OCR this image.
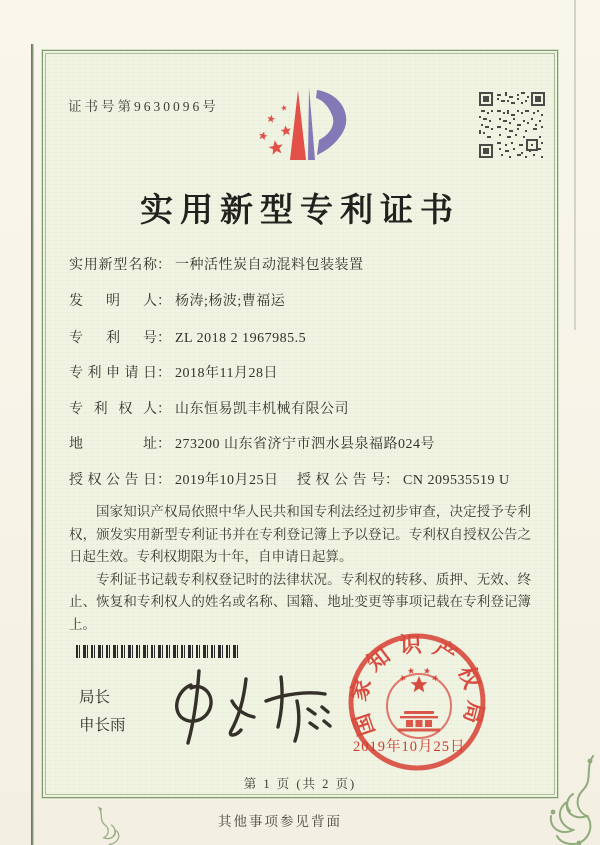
证书号第9630096号
实用新型专利证书
实用新型名称： 一种活性炭自动混料包装装置
发明人： 杨涛;杨波;曹福运
专利号： ZL 2018 2 1967985.5
专利申请日： 2018年11月28日
专利权人： 山东恒易凯丰机械有限公司
地址： 273200 山东省济宁市泗水县泉福路024号
授权公告日： 2019年10月25日 授权公告号： CN 209535519 U

国家知识产权局依照中华人民共和国专利法经过初步审查，决定授予专利权，颁发实用新型专利证书并在专利登记簿上予以登记。专利权自授权公告之日起生效。专利权期限为十年，自申请日起算。

专利证书记载专利权登记时的法律状况。专利权的转移、质押、无效、终止、恢复和专利权人的姓名或名称、国籍、地址变更等事项记载在专利登记簿上。

局长
申长雨	国家知识产权局
2019年10月25日
第 1 页 (共 2 页)
其他事项参见背面
